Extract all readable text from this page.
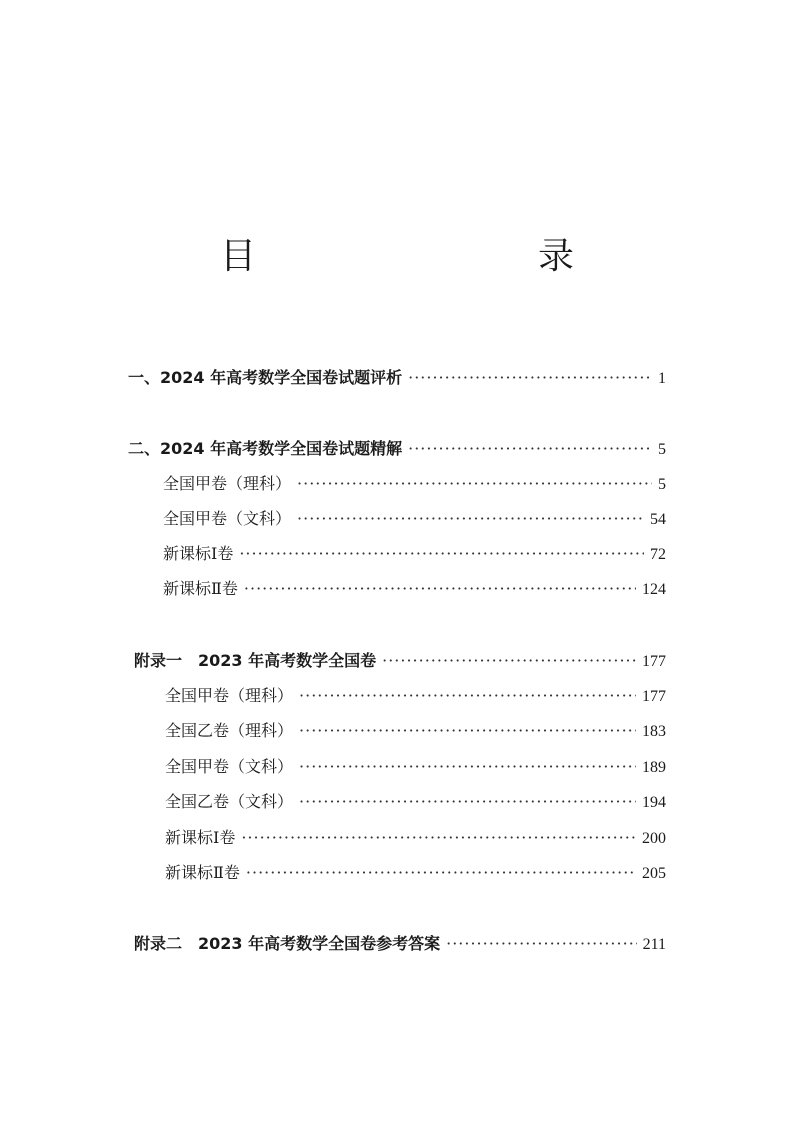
目　　录
一、2024 年高考数学全国卷试题评析 ·····	1
二、2024 年高考数学全国卷试题精解 ·····	5
全国甲卷（理科） ·····	5
全国甲卷（文科） ·····	54
新课标Ⅰ卷 ·····	72
新课标Ⅱ卷 ·····	124
附录一　2023 年高考数学全国卷 ·····	177
全国甲卷（理科） ·····	177
全国乙卷（理科） ·····	183
全国甲卷（文科） ·····	189
全国乙卷（文科） ·····	194
新课标Ⅰ卷 ·····	200
新课标Ⅱ卷 ·····	205
附录二　2023 年高考数学全国卷参考答案 ·····	211
